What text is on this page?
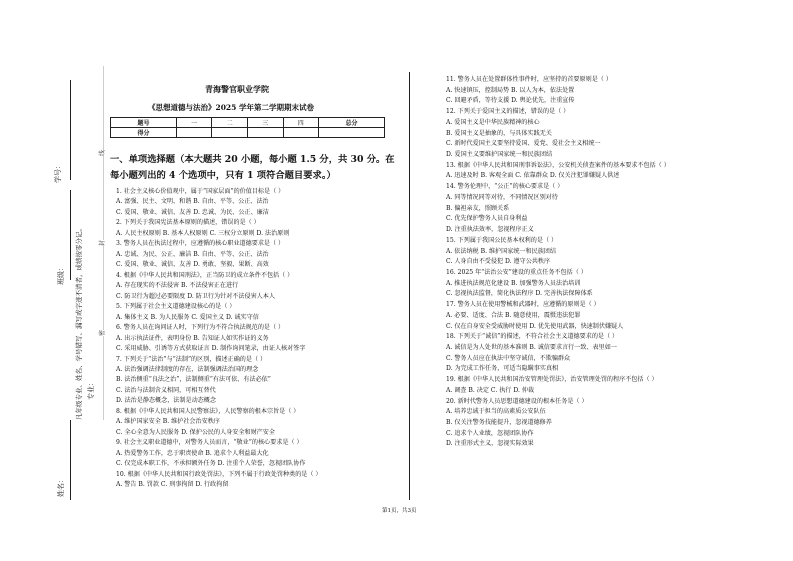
姓名：
专业：
班级：
学号：	……………………………………密……………………………………封……………………………………线……………………………………
凡年级专业、姓名、学号错写、漏写或字迹不清者，成绩按零分记。
青海警官职业学院
《思想道德与法治》2025 学年第二学期期末试卷
题号	一	二	三	四	总分
得分					
一、单项选择题（本大题共 20 小题，每小题 1.5 分，共 30 分。在
每小题列出的 4 个选项中，只有 1 项符合题目要求。）
1. 社会主义核心价值观中，属于“国家层面”的价值目标是（ ）
A. 富强、民主、文明、和谐 B. 自由、平等、公正、法治
C. 爱国、敬业、诚信、友善 D. 忠诚、为民、公正、廉洁
2. 下列关于我国宪法基本原则的描述，错误的是（ ）
A. 人民主权原则 B. 基本人权原则 C. 三权分立原则 D. 法治原则
3. 警务人员在执法过程中，应遵循的核心职业道德要求是（ ）
A. 忠诚、为民、公正、廉洁 B. 自由、平等、公正、法治
C. 爱国、敬业、诚信、友善 D. 勇敢、坚毅、果断、高效
4. 根据《中华人民共和国刑法》，正当防卫的成立条件不包括（ ）
A. 存在现实的不法侵害 B. 不法侵害正在进行
C. 防卫行为超过必要限度 D. 防卫行为针对不法侵害人本人
5. 下列属于社会主义道德建设核心的是（ ）
A. 集体主义 B. 为人民服务 C. 爱国主义 D. 诚实守信
6. 警务人员在询问证人时，下列行为不符合执法规范的是（ ）
A. 出示执法证件，表明身份 B. 告知证人如实作证的义务
C. 采用威胁、引诱等方式获取证言 D. 制作询问笔录，由证人核对签字
7. 下列关于“法治”与“法制”的区别，描述正确的是（ ）
A. 法治强调法律制度的存在，法制强调法治国的理念
B. 法治侧重“良法之治”，法制侧重“有法可依、有法必依”
C. 法治与法制含义相同，可相互替代
D. 法治是静态概念，法制是动态概念
8. 根据《中华人民共和国人民警察法》，人民警察的根本宗旨是（ ）
A. 维护国家安全 B. 维护社会治安秩序
C. 全心全意为人民服务 D. 保护公民的人身安全和财产安全
9. 社会主义职业道德中，对警务人员而言，“敬业”的核心要求是（ ）
A. 热爱警务工作，忠于职责使命 B. 追求个人利益最大化
C. 仅完成本职工作，不承担额外任务 D. 注重个人荣誉，忽视团队协作
10. 根据《中华人民共和国行政处罚法》，下列不属于行政处罚种类的是（ ）
A. 警告 B. 罚款 C. 刑事拘留 D. 行政拘留
11. 警务人员在处置群体性事件时，应坚持的首要原则是（ ）
A. 快速镇压，控制局势 B. 以人为本，依法处置
C. 回避矛盾，等待支援 D. 舆论优先，注重宣传
12. 下列关于爱国主义的描述，错误的是（ ）
A. 爱国主义是中华民族精神的核心
B. 爱国主义是抽象的，与具体实践无关
C. 新时代爱国主义要坚持爱国、爱党、爱社会主义相统一
D. 爱国主义要维护国家统一和民族团结
13. 根据《中华人民共和国刑事诉讼法》，公安机关侦查案件的基本要求不包括（ ）
A. 迅速及时 B. 客观全面 C. 依靠群众 D. 仅关注犯罪嫌疑人供述
14. 警务伦理中，“公正”的核心要求是（ ）
A. 同等情况同等对待，不同情况区别对待
B. 偏袒亲友，照顾关系
C. 优先保护警务人员自身利益
D. 注重执法效率，忽视程序正义
15. 下列属于我国公民基本权利的是（ ）
A. 依法纳税 B. 维护国家统一和民族团结
C. 人身自由不受侵犯 D. 遵守公共秩序
16. 2025 年“法治公安”建设的重点任务不包括（ ）
A. 推进执法规范化建设 B. 加强警务人员法治培训
C. 忽视执法监督，简化执法程序 D. 完善执法保障体系
17. 警务人员在使用警械和武器时，应遵循的原则是（ ）
A. 必要、适度、合法 B. 随意使用，震慑违法犯罪
C. 仅在自身安全受威胁时使用 D. 优先使用武器，快速制伏嫌疑人
18. 下列关于“诚信”的描述，不符合社会主义道德要求的是（ ）
A. 诚信是为人处世的基本准则 B. 诚信要求言行一致、表里如一
C. 警务人员应在执法中坚守诚信，不欺骗群众
D. 为完成工作任务，可适当隐瞒事实真相
19. 根据《中华人民共和国治安管理处罚法》，治安管理处罚的程序不包括（ ）
A. 调查 B. 决定 C. 执行 D. 仲裁
20. 新时代警务人员思想道德建设的根本任务是（ ）
A. 培养忠诚于担当的高素质公安队伍
B. 仅关注警务技能提升，忽视道德修养
C. 追求个人业绩，忽视团队协作
D. 注重形式主义，忽视实际效果
第1页，共3页
